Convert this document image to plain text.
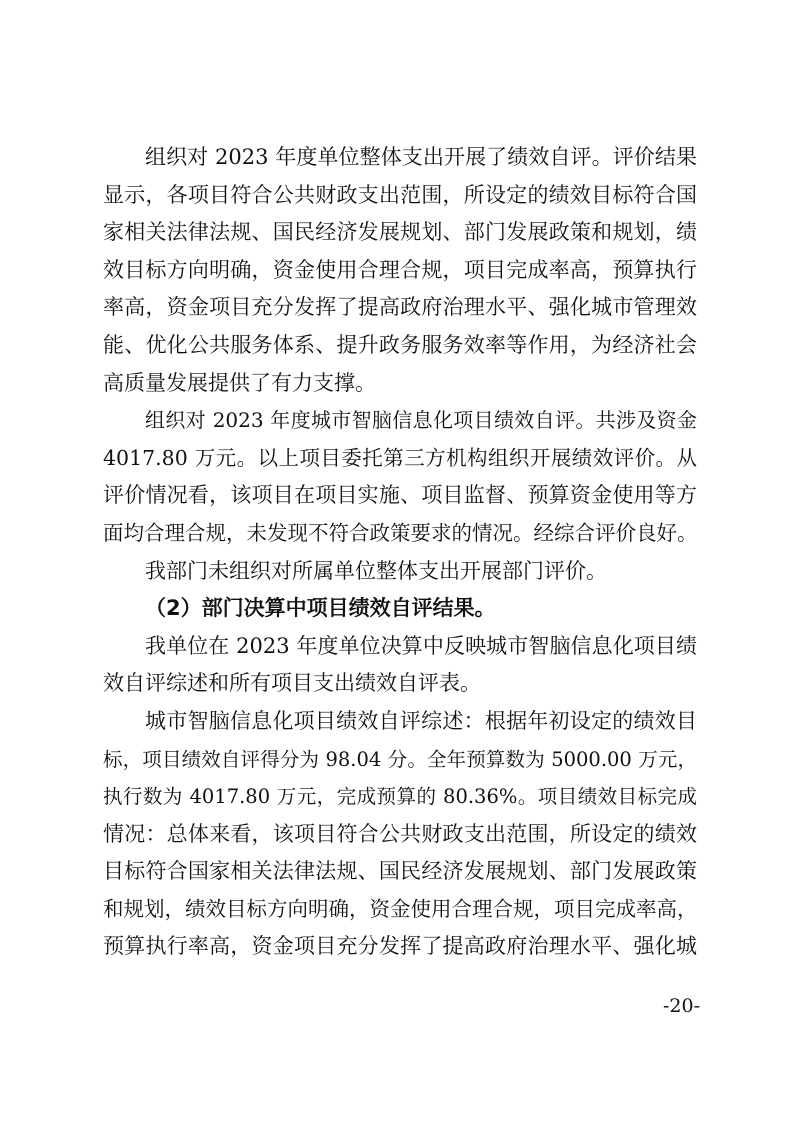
组织对 2023 年度单位整体支出开展了绩效自评。评价结果
显示，各项目符合公共财政支出范围，所设定的绩效目标符合国
家相关法律法规、国民经济发展规划、部门发展政策和规划，绩
效目标方向明确，资金使用合理合规，项目完成率高，预算执行
率高，资金项目充分发挥了提高政府治理水平、强化城市管理效
能、优化公共服务体系、提升政务服务效率等作用，为经济社会
高质量发展提供了有力支撑。
组织对 2023 年度城市智脑信息化项目绩效自评。共涉及资金
4017.80 万元。以上项目委托第三方机构组织开展绩效评价。从
评价情况看，该项目在项目实施、项目监督、预算资金使用等方
面均合理合规，未发现不符合政策要求的情况。经综合评价良好。
我部门未组织对所属单位整体支出开展部门评价。
（2）部门决算中项目绩效自评结果。
我单位在 2023 年度单位决算中反映城市智脑信息化项目绩
效自评综述和所有项目支出绩效自评表。
城市智脑信息化项目绩效自评综述：根据年初设定的绩效目
标，项目绩效自评得分为 98.04 分。全年预算数为 5000.00 万元，
执行数为 4017.80 万元，完成预算的 80.36%。项目绩效目标完成
情况：总体来看，该项目符合公共财政支出范围，所设定的绩效
目标符合国家相关法律法规、国民经济发展规划、部门发展政策
和规划，绩效目标方向明确，资金使用合理合规，项目完成率高，
预算执行率高，资金项目充分发挥了提高政府治理水平、强化城
-20-
